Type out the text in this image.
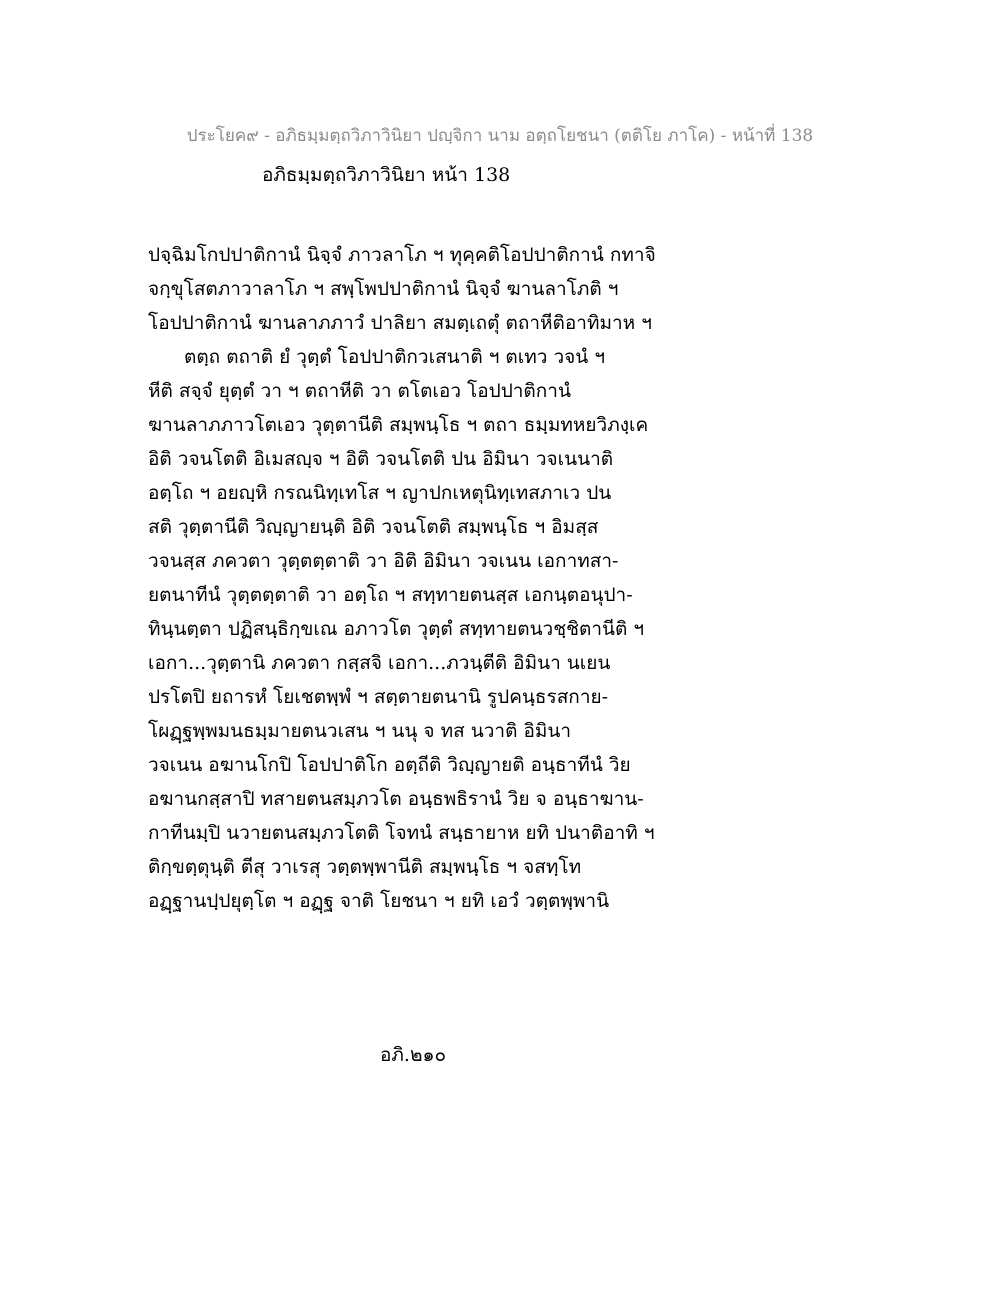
ประโยค๙ - อภิธมฺมตฺถวิภาวินิยา ปญฺจิกา นาม อตฺถโยชนา (ตติโย ภาโค) - หน้าที่ 138
อภิธมฺมตฺถวิภาวินิยา หน้า 138
ปจฺฉิมโกปปาติกานํ นิจฺจํ ภาวลาโภ ฯ ทุคฺคติโอปปาติกานํ กทาจิ
จกฺขุโสตภาวาลาโภ ฯ สพฺโพปปาติกานํ นิจฺจํ ฆานลาโภติ ฯ
โอปปาติกานํ ฆานลาภภาวํ ปาลิยา สมตฺเถตุํ ตถาหีติอาทิมาห ฯ
ตตฺถ ตถาติ ยํ วุตฺตํ โอปปาติกวเสนาติ ฯ ตเทว วจนํ ฯ
หีติ สจฺจํ ยุตฺตํ วา ฯ ตถาหีติ วา ตโตเอว โอปปาติกานํ
ฆานลาภภาวโตเอว วุตฺตานีติ สมฺพนฺโธ ฯ ตถา ธมฺมทหยวิภงฺเค
อิติ วจนโตติ อิเมสญฺจ ฯ อิติ วจนโตติ ปน อิมินา วจเนนาติ
อตฺโถ ฯ อยญฺหิ กรณนิทฺเทโส ฯ ญาปกเหตุนิทฺเทสภาเว ปน
สติ วุตฺตานีติ วิญฺญายนฺติ อิติ วจนโตติ สมฺพนฺโธ ฯ อิมสฺส
วจนสฺส ภควตา วุตฺตตฺตาติ วา อิติ อิมินา วจเนน เอกาทสา-
ยตนาทีนํ วุตฺตตฺตาติ วา อตฺโถ ฯ สทฺทายตนสฺส เอกนฺตอนุปา-
ทินฺนตฺตา ปฏิสนฺธิกฺขเณ อภาวโต วุตฺตํ สทฺทายตนวชฺชิตานีติ ฯ
เอกา...วุตฺตานิ ภควตา กสฺสจิ เอกา...ภวนฺตีติ อิมินา นเยน
ปรโตปิ ยถารหํ โยเชตพฺพํ ฯ สตฺตายตนานิ รูปคนฺธรสกาย-
โผฏฺฐพฺพมนธมฺมายตนวเสน ฯ นนุ จ ทส นวาติ อิมินา
วจเนน อฆานโกปิ โอปปาติโก อตฺถีติ วิญฺญายติ อนฺธาทีนํ วิย
อฆานกสฺสาปิ ทสายตนสมฺภวโต อนฺธพธิรานํ วิย จ อนฺธาฆาน-
กาทีนมฺปิ นวายตนสมฺภวโตติ โจทนํ สนฺธายาห ยทิ ปนาติอาทิ ฯ
ติกฺขตฺตุนฺติ ตีสุ วาเรสุ วตฺตพฺพานีติ สมฺพนฺโธ ฯ จสทฺโท
อฏฺฐานปฺปยุตฺโต ฯ อฏฺฐ จาติ โยชนา ฯ ยทิ เอวํ วตฺตพฺพานิ
อภิ.๒๑๐
